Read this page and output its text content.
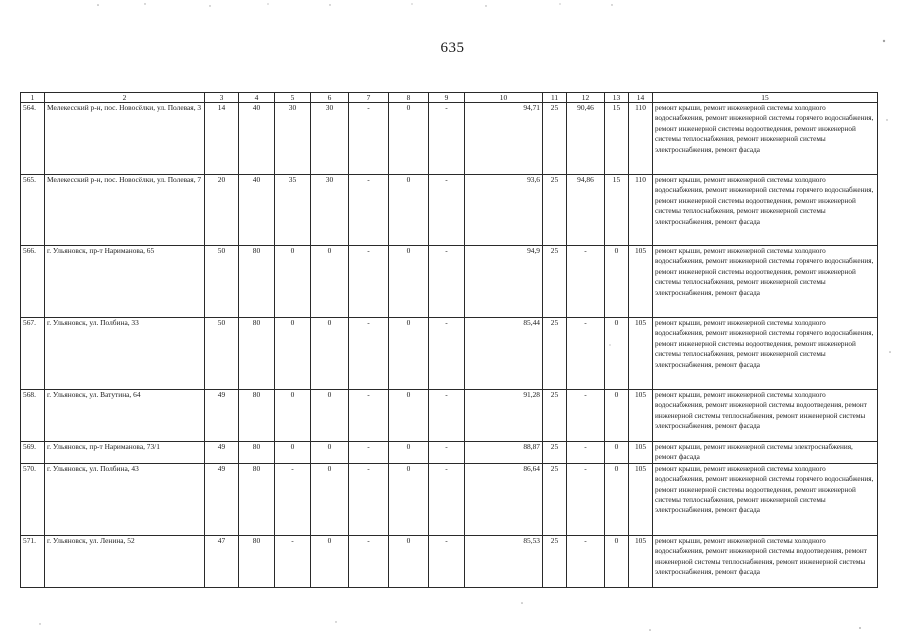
635
1	2	3	4	5	6	7	8	9	10	11	12	13	14	15
564.	Мелекесский р-н, пос. Новосёлки, ул. Полевая, 3	14	40	30	30	-	0	-	94,71	25	90,46	15	110	ремонт крыши, ремонт инженерной системы холодного водоснабжения, ремонт инженерной системы горячего водоснабжения, ремонт инженерной системы водоотведения, ремонт инженерной системы теплоснабжения, ремонт инженерной системы электроснабжения, ремонт фасада
565.	Мелекесский р-н, пос. Новосёлки, ул. Полевая, 7	20	40	35	30	-	0	-	93,6	25	94,86	15	110	ремонт крыши, ремонт инженерной системы холодного водоснабжения, ремонт инженерной системы горячего водоснабжения, ремонт инженерной системы водоотведения, ремонт инженерной системы теплоснабжения, ремонт инженерной системы электроснабжения, ремонт фасада
566.	г. Ульяновск, пр-т Нариманова, 65	50	80	0	0	-	0	-	94,9	25	-	0	105	ремонт крыши, ремонт инженерной системы холодного водоснабжения, ремонт инженерной системы горячего водоснабжения, ремонт инженерной системы водоотведения, ремонт инженерной системы теплоснабжения, ремонт инженерной системы электроснабжения, ремонт фасада
567.	г. Ульяновск, ул. Полбина, 33	50	80	0	0	-	0	-	85,44	25	-	0	105	ремонт крыши, ремонт инженерной системы холодного водоснабжения, ремонт инженерной системы горячего водоснабжения, ремонт инженерной системы водоотведения, ремонт инженерной системы теплоснабжения, ремонт инженерной системы электроснабжения, ремонт фасада
568.	г. Ульяновск, ул. Ватутина, 64	49	80	0	0	-	0	-	91,28	25	-	0	105	ремонт крыши, ремонт инженерной системы холодного водоснабжения, ремонт инженерной системы водоотведения, ремонт инженерной системы теплоснабжения, ремонт инженерной системы электроснабжения, ремонт фасада
569.	г. Ульяновск, пр-т Нариманова, 73/1	49	80	0	0	-	0	-	88,87	25	-	0	105	ремонт крыши, ремонт инженерной системы электроснабжения, ремонт фасада
570.	г. Ульяновск, ул. Полбина, 43	49	80	-	0	-	0	-	86,64	25	-	0	105	ремонт крыши, ремонт инженерной системы холодного водоснабжения, ремонт инженерной системы горячего водоснабжения, ремонт инженерной системы водоотведения, ремонт инженерной системы теплоснабжения, ремонт инженерной системы электроснабжения, ремонт фасада
571.	г. Ульяновск, ул. Ленина, 52	47	80	-	0	-	0	-	85,53	25	-	0	105	ремонт крыши, ремонт инженерной системы холодного водоснабжения, ремонт инженерной системы водоотведения, ремонт инженерной системы теплоснабжения, ремонт инженерной системы электроснабжения, ремонт фасада
